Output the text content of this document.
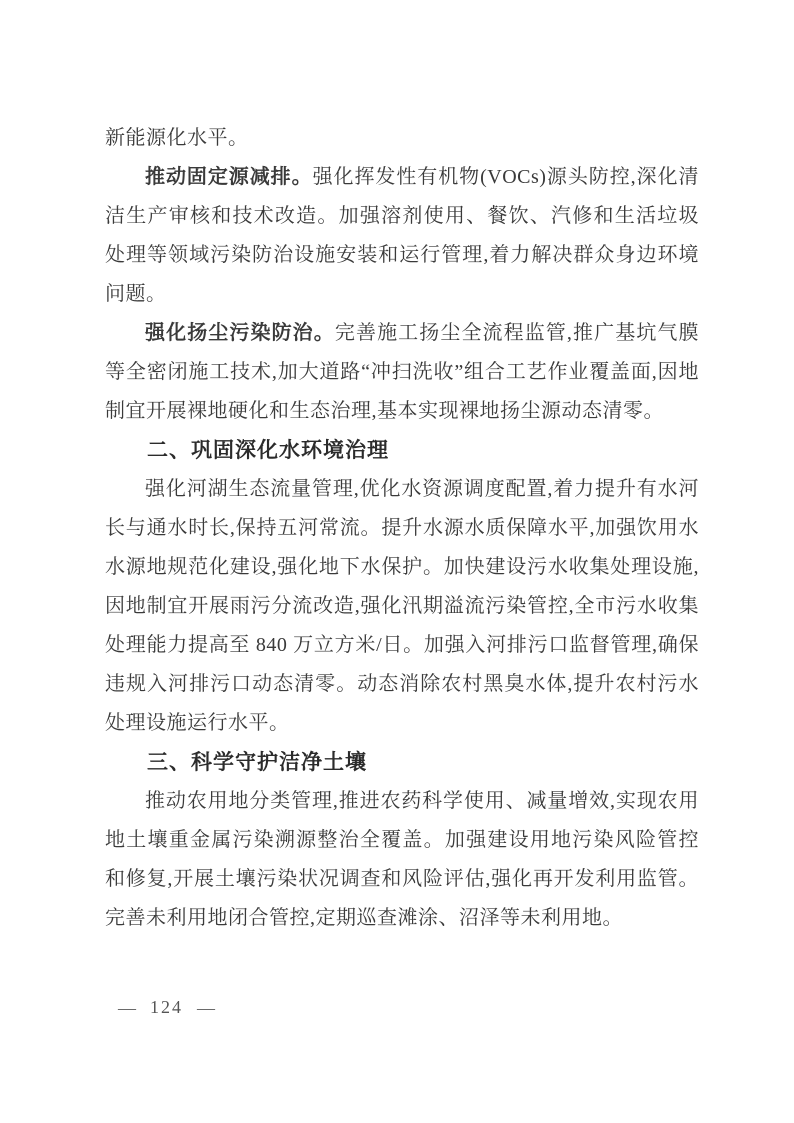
新能源化水平。

推动固定源减排。强化挥发性有机物(VOCs)源头防控,深化清洁生产审核和技术改造。加强溶剂使用、餐饮、汽修和生活垃圾处理等领域污染防治设施安装和运行管理,着力解决群众身边环境问题。

强化扬尘污染防治。完善施工扬尘全流程监管,推广基坑气膜等全密闭施工技术,加大道路“冲扫洗收”组合工艺作业覆盖面,因地制宜开展裸地硬化和生态治理,基本实现裸地扬尘源动态清零。

二、巩固深化水环境治理

强化河湖生态流量管理,优化水资源调度配置,着力提升有水河长与通水时长,保持五河常流。提升水源水质保障水平,加强饮用水水源地规范化建设,强化地下水保护。加快建设污水收集处理设施,因地制宜开展雨污分流改造,强化汛期溢流污染管控,全市污水收集处理能力提高至 840 万立方米/日。加强入河排污口监督管理,确保违规入河排污口动态清零。动态消除农村黑臭水体,提升农村污水处理设施运行水平。

三、科学守护洁净土壤

推动农用地分类管理,推进农药科学使用、减量增效,实现农用地土壤重金属污染溯源整治全覆盖。加强建设用地污染风险管控和修复,开展土壤污染状况调查和风险评估,强化再开发利用监管。完善未利用地闭合管控,定期巡查滩涂、沼泽等未利用地。

— 124 —
